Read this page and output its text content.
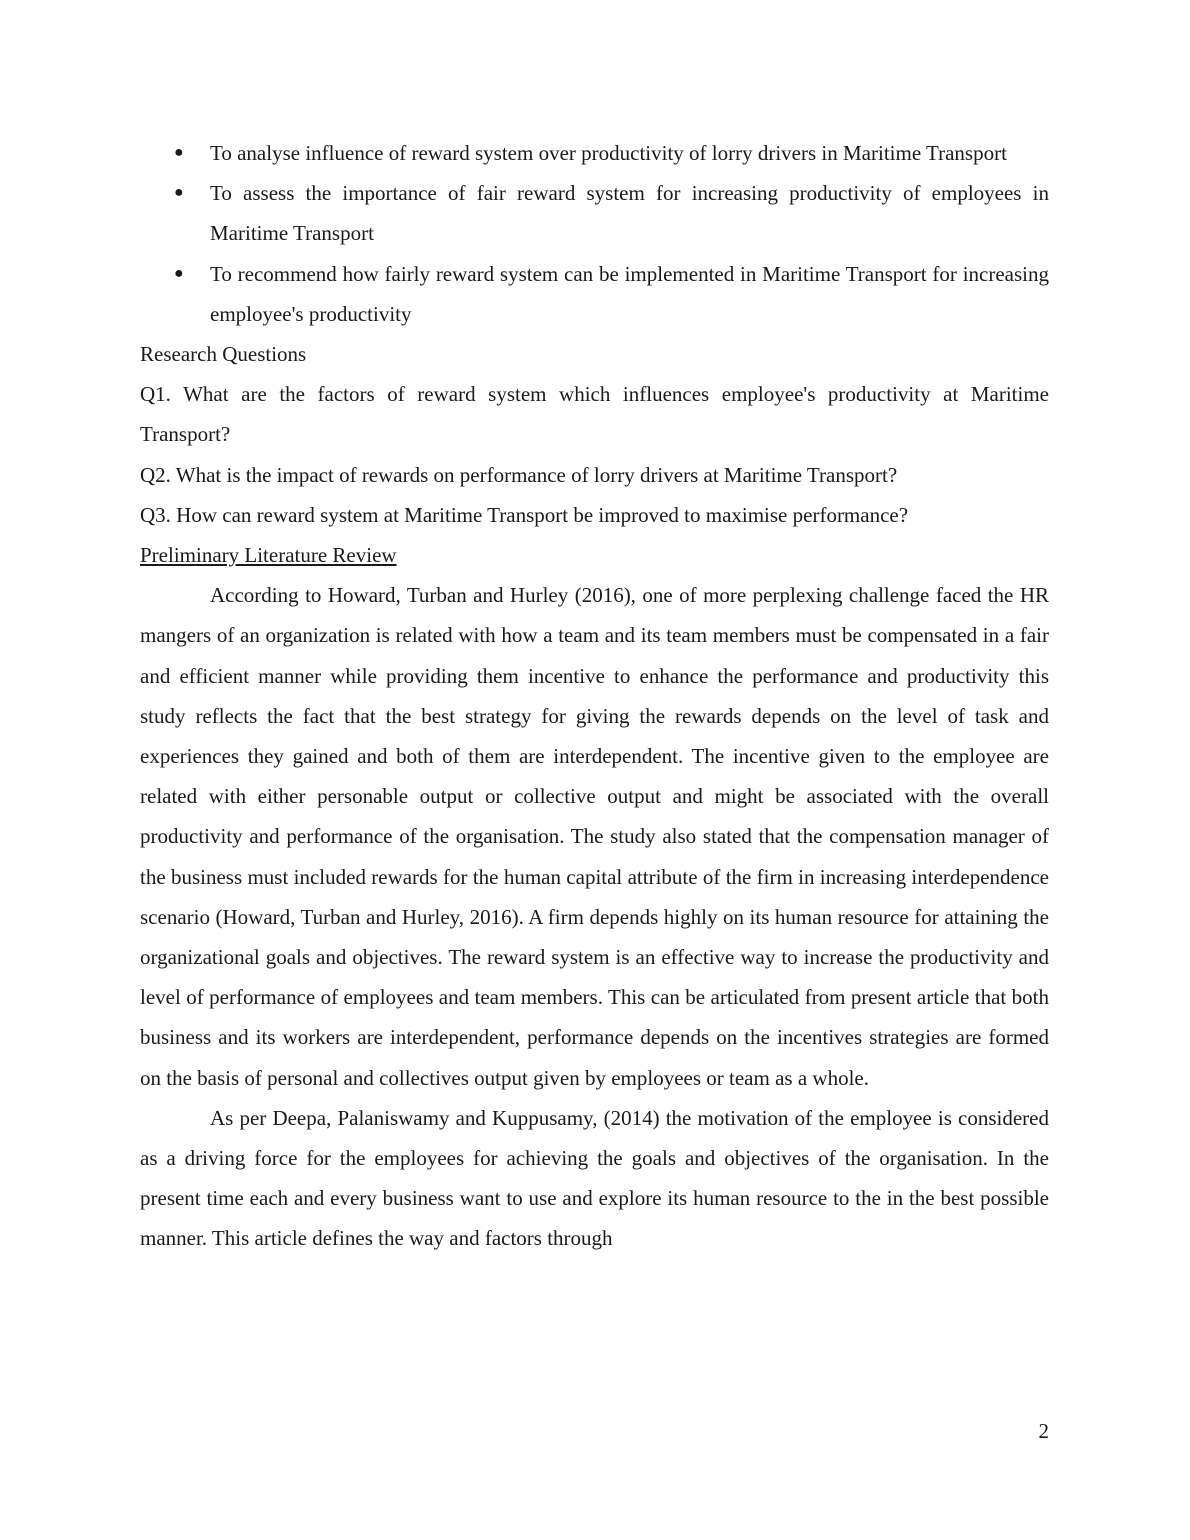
● To analyse influence of reward system over productivity of lorry drivers in Maritime Transport
● To assess the importance of fair reward system for increasing productivity of employees in Maritime Transport
● To recommend how fairly reward system can be implemented in Maritime Transport for increasing employee's productivity

Research Questions

Q1. What are the factors of reward system which influences employee's productivity at Maritime Transport?

Q2. What is the impact of rewards on performance of lorry drivers at Maritime Transport?

Q3. How can reward system at Maritime Transport be improved to maximise performance?

Preliminary Literature Review

According to Howard, Turban and Hurley (2016), one of more perplexing challenge faced the HR mangers of an organization is related with how a team and its team members must be compensated in a fair and efficient manner while providing them incentive to enhance the performance and productivity this study reflects the fact that the best strategy for giving the rewards depends on the level of task and experiences they gained and both of them are interdependent. The incentive given to the employee are related with either personable output or collective output and might be associated with the overall productivity and performance of the organisation. The study also stated that the compensation manager of the business must included rewards for the human capital attribute of the firm in increasing interdependence scenario (Howard, Turban and Hurley, 2016). A firm depends highly on its human resource for attaining the organizational goals and objectives. The reward system is an effective way to increase the productivity and level of performance of employees and team members. This can be articulated from present article that both business and its workers are interdependent, performance depends on the incentives strategies are formed on the basis of personal and collectives output given by employees or team as a whole.

As per Deepa, Palaniswamy and Kuppusamy, (2014) the motivation of the employee is considered as a driving force for the employees for achieving the goals and objectives of the organisation. In the present time each and every business want to use and explore its human resource to the in the best possible manner. This article defines the way and factors through

2
